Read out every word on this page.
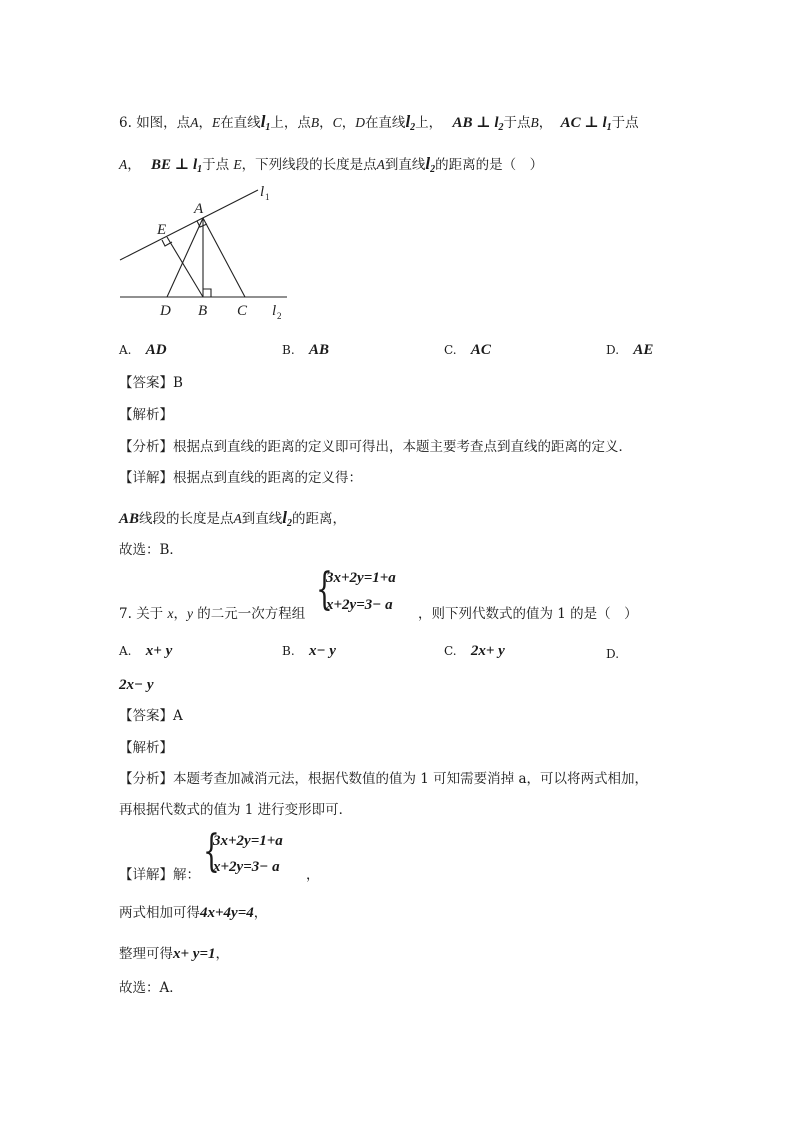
6. 如图，点A，E在直线$l_1$上，点B，C，D在直线$l_2$上， AB ⊥ $l_2$于点B， AC ⊥ $l_1$于点
A， BE ⊥ $l_1$于点 E，下列线段的长度是点A到直线$l_2$的距离的是（　）
A
E
D B C
l 1
l 2
A. AD	B. AB	C. AC	D. AE
【答案】B
【解析】
【分析】根据点到直线的距离的定义即可得出，本题主要考查点到直线的距离的定义．
【详解】根据点到直线的距离的定义得：
AB线段的长度是点A到直线$l_2$的距离，
故选：B．
{
3x+2y=1+a
x+2y=3− a
7. 关于 x，y 的二元一次方程组	，则下列代数式的值为 1 的是（　）
A. x+ y	B. x− y	C. 2x+ y	D.
2x− y
【答案】A
【解析】
【分析】本题考查加减消元法，根据代数值的值为 1 可知需要消掉 a，可以将两式相加，
再根据代数式的值为 1 进行变形即可．
{
3x+2y=1+a
x+2y=3− a
【详解】解：	，
两式相加可得4x+4y=4，
整理可得x+ y=1，
故选：A．
